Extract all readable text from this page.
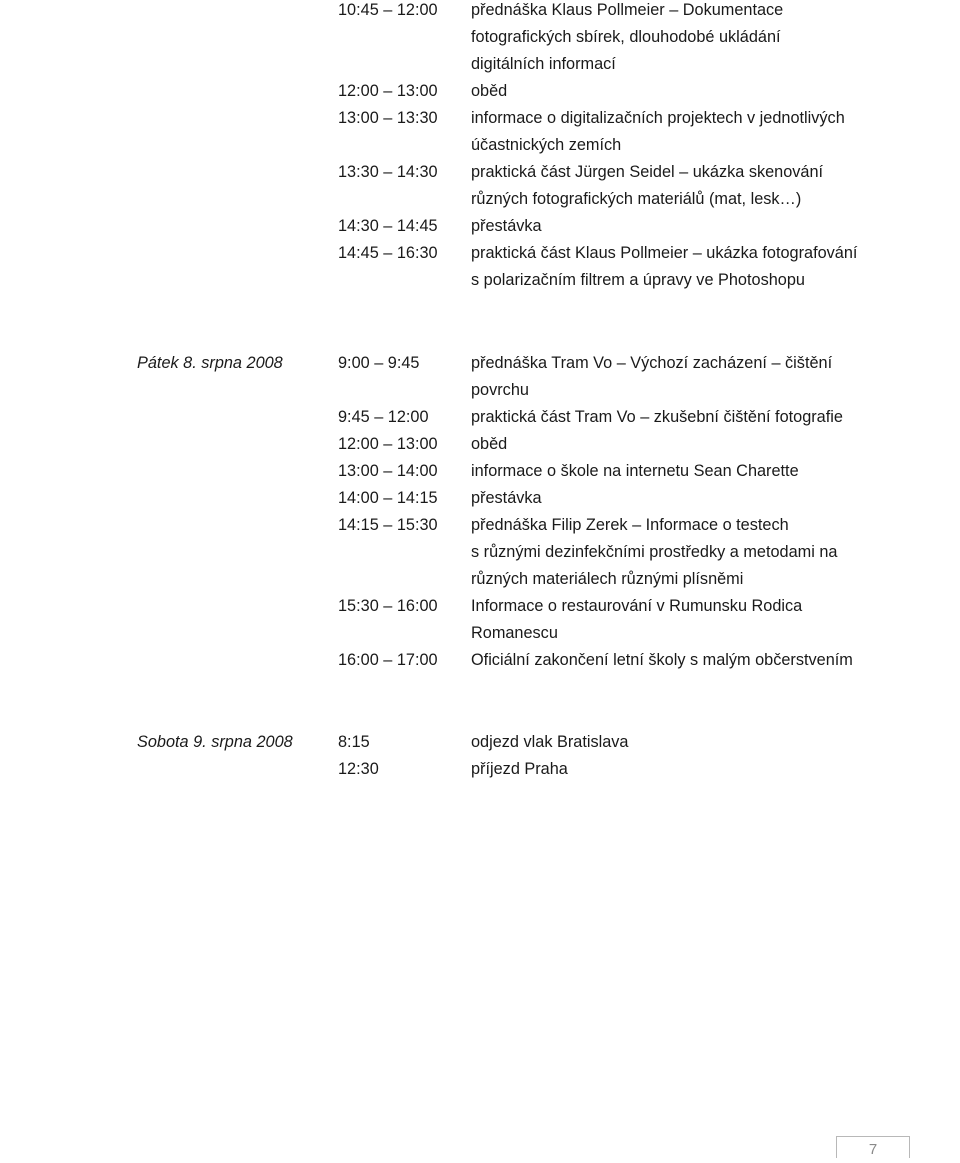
10:45 – 12:00 přednáška Klaus Pollmeier – Dokumentace
fotografických sbírek, dlouhodobé ukládání
digitálních informací
12:00 – 13:00 oběd
13:00 – 13:30 informace o digitalizačních projektech v jednotlivých
účastnických zemích
13:30 – 14:30 praktická část Jürgen Seidel – ukázka skenování
různých fotografických materiálů (mat, lesk…)
14:30 – 14:45 přestávka
14:45 – 16:30 praktická část Klaus Pollmeier – ukázka fotografování
s polarizačním filtrem a úpravy ve Photoshopu
Pátek 8. srpna 2008	9:00 – 9:45	přednáška Tram Vo – Výchozí zacházení – čištění
povrchu
9:45 – 12:00	praktická část Tram Vo – zkušební čištění fotografie
12:00 – 13:00 oběd
13:00 – 14:00 informace o škole na internetu Sean Charette
14:00 – 14:15 přestávka
14:15 – 15:30 přednáška Filip Zerek – Informace o testech
s různými dezinfekčními prostředky a metodami na
různých materiálech různými plísněmi
15:30 – 16:00 Informace o restaurování v Rumunsku Rodica
Romanescu
16:00 – 17:00 Oficiální zakončení letní školy s malým občerstvením
Sobota 9. srpna 2008	8:15	odjezd vlak Bratislava
12:30	příjezd Praha
7
